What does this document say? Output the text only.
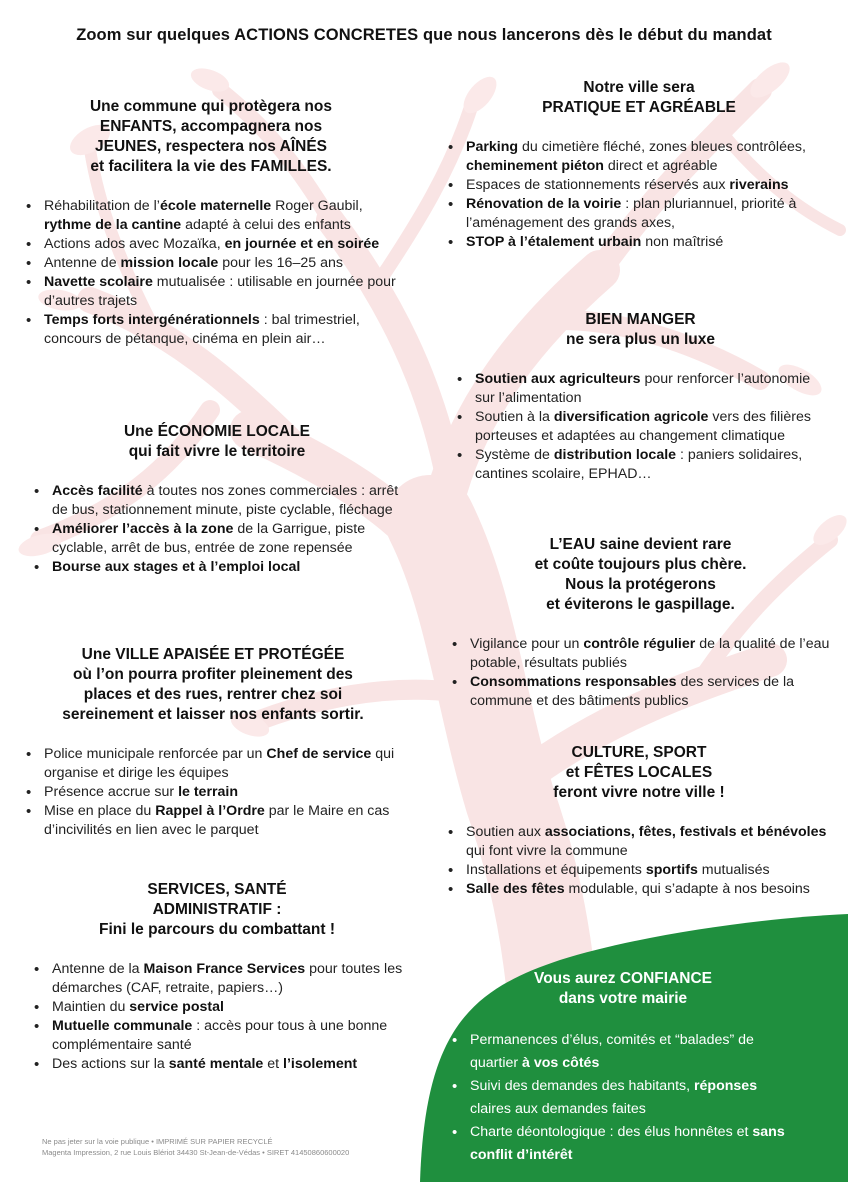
Zoom sur quelques ACTIONS CONCRETES que nous lancerons dès le début du mandat
Une commune qui protègera nos
ENFANTS, accompagnera nos
JEUNES, respectera nos AÎNÉS
et facilitera la vie des FAMILLES.
• Réhabilitation de l’école maternelle Roger Gaubil, rythme de la cantine adapté à celui des enfants
• Actions ados avec Mozaïka, en journée et en soirée
• Antenne de mission locale pour les 16–25 ans
• Navette scolaire mutualisée : utilisable en journée pour d’autres trajets
• Temps forts intergénérationnels : bal trimestriel, concours de pétanque, cinéma en plein air…
Une ÉCONOMIE LOCALE
qui fait vivre le territoire
• Accès facilité à toutes nos zones commerciales : arrêt de bus, stationnement minute, piste cyclable, fléchage
• Améliorer l’accès à la zone de la Garrigue, piste cyclable, arrêt de bus, entrée de zone repensée
• Bourse aux stages et à l’emploi local
Une VILLE APAISÉE ET PROTÉGÉE
où l’on pourra profiter pleinement des
places et des rues, rentrer chez soi
sereinement et laisser nos enfants sortir.
• Police municipale renforcée par un Chef de service qui organise et dirige les équipes
• Présence accrue sur le terrain
• Mise en place du Rappel à l’Ordre par le Maire en cas d’incivilités en lien avec le parquet
SERVICES, SANTÉ
ADMINISTRATIF :
Fini le parcours du combattant !
• Antenne de la Maison France Services pour toutes les démarches (CAF, retraite, papiers…)
• Maintien du service postal
• Mutuelle communale : accès pour tous à une bonne complémentaire santé
• Des actions sur la santé mentale et l’isolement
Notre ville sera
PRATIQUE ET AGRÉABLE
• Parking du cimetière fléché, zones bleues contrôlées, cheminement piéton direct et agréable
• Espaces de stationnements réservés aux riverains
• Rénovation de la voirie : plan pluriannuel, priorité à l’aménagement des grands axes,
• STOP à l’étalement urbain non maîtrisé
BIEN MANGER
ne sera plus un luxe
• Soutien aux agriculteurs pour renforcer l’autonomie sur l’alimentation
• Soutien à la diversification agricole vers des filières porteuses et adaptées au changement climatique
• Système de distribution locale : paniers solidaires, cantines scolaire, EPHAD…
L’EAU saine devient rare
et coûte toujours plus chère.
Nous la protégerons
et éviterons le gaspillage.
• Vigilance pour un contrôle régulier de la qualité de l’eau potable, résultats publiés
• Consommations responsables des services de la commune et des bâtiments publics
CULTURE, SPORT
et FÊTES LOCALES
feront vivre notre ville !
• Soutien aux associations, fêtes, festivals et bénévoles qui font vivre la commune
• Installations et équipements sportifs mutualisés
• Salle des fêtes modulable, qui s’adapte à nos besoins
Vous aurez CONFIANCE
dans votre mairie
• Permanences d’élus, comités et “balades” de quartier à vos côtés
• Suivi des demandes des habitants, réponses claires aux demandes faites
• Charte déontologique : des élus honnêtes et sans conflit d’intérêt
Ne pas jeter sur la voie publique • IMPRIMÉ SUR PAPIER RECYCLÉ
Magenta Impression, 2 rue Louis Blériot 34430 St-Jean-de-Védas • SIRET 41450860600020
